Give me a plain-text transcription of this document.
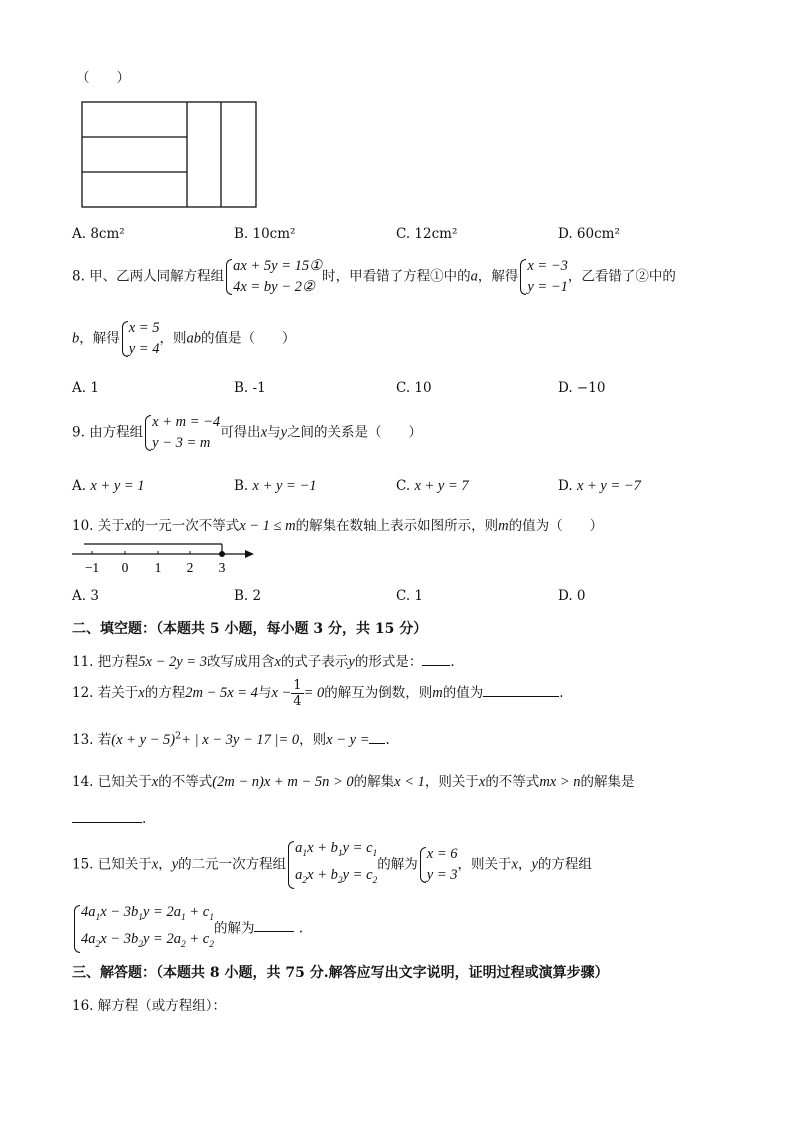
（　　）
A. 8cm²	B. 10cm²	C. 12cm²	D. 60cm²
8. 甲、乙两人同解方程组
ax + 5y = 15①
4x = by − 2②
时，甲看错了方程①中的a，解得
x = −3
y = −1
，乙看错了②中的
b，解得
x = 5
y = 4
，则ab的值是（　　）
A. 1	B. -1	C. 10	D. −10
9. 由方程组
x + m = −4
y − 3 = m
可得出x与y之间的关系是（　　）
A. x + y = 1	B. x + y = −1	C. x + y = 7	D. x + y = −7
10. 关于x的一元一次不等式x − 1 ≤ m的解集在数轴上表示如图所示，则m的值为（　　）
−1 0 1 2 3
A. 3	B. 2	C. 1	D. 0
二、填空题：（本题共 5 小题，每小题 3 分，共 15 分）
11. 把方程5x − 2y = 3改写成用含x的式子表示y的形式是： .
12. 若关于x的方程2m − 5x = 4与$x - \frac{1}{4} = 0$的解互为倒数，则m的值为	.
13. 若$(x + y - 5)^2+$ | x − 3y − 17 |= 0，则x − y = .
14. 已知关于x的不等式(2m − n)x + m − 5n > 0的解集x < 1，则关于x的不等式mx > n的解集是
.
15. 已知关于x，y的二元一次方程组
$a_1x + b_1y = c_1$
$a_2x + b_2y = c_2$
的解为
x = 6
y = 3
，则关于x，y的方程组
$4a_1x - 3b_1y = 2a_1 + c_1$
$4a_2x - 3b_2y = 2a_2 + c_2$
的解为	.
三、解答题：（本题共 8 小题，共 75 分.解答应写出文字说明，证明过程或演算步骤）
16. 解方程（或方程组）：
